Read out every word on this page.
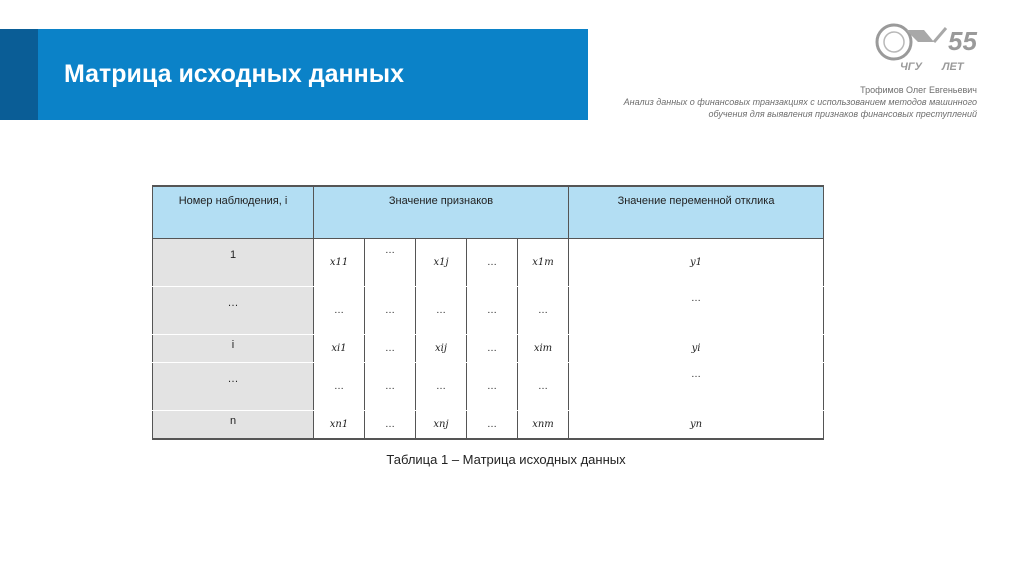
Матрица исходных данных	ЧГУ
55
ЛЕТ
Трофимов Олег Евгеньевич
Анализ данных о финансовых транзакциях с использованием методов машинного обучения для выявления признаков финансовых преступлений
Номер наблюдения, i	Значение признаков					Значение переменной отклика
1	x11	…	x1j	…	x1m	y1
…	…	…	…	…	…	…
i	xi1	…	xij	…	xim	yi
…	…	…	…	…	…	…
n	xn1	…	xnj	…	xnm	yn
Таблица 1 – Матрица исходных данных
